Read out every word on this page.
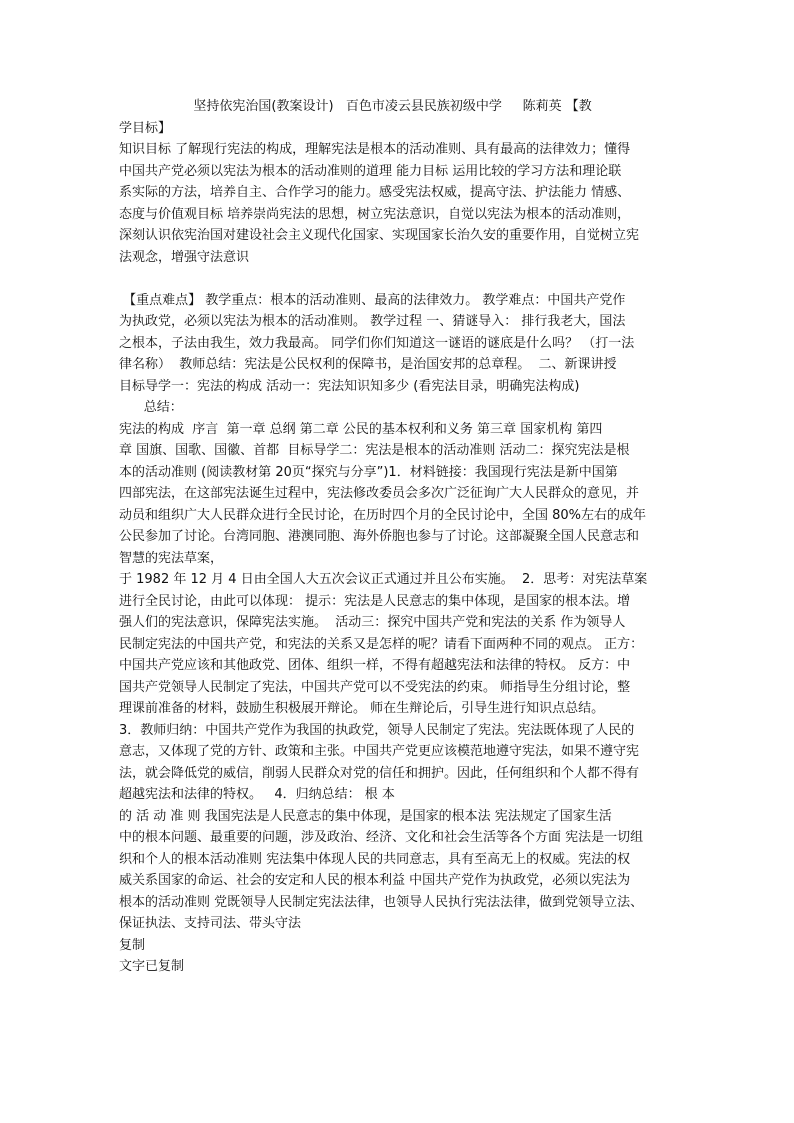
坚持依宪治国(教案设计)   百色市凌云县民族初级中学     陈莉英 【教
学目标】
知识目标 了解现行宪法的构成，理解宪法是根本的活动准则、具有最高的法律效力；懂得
中国共产党必须以宪法为根本的活动准则的道理 能力目标 运用比较的学习方法和理论联
系实际的方法，培养自主、合作学习的能力。感受宪法权威，提高守法、护法能力 情感、
态度与价值观目标 培养崇尚宪法的思想，树立宪法意识，自觉以宪法为根本的活动准则，
深刻认识依宪治国对建设社会主义现代化国家、实现国家长治久安的重要作用，自觉树立宪
法观念，增强守法意识
【重点难点】 教学重点：根本的活动准则、最高的法律效力。 教学难点：中国共产党作
为执政党，必须以宪法为根本的活动准则。 教学过程 一、猜谜导入： 排行我老大，国法
之根本，子法由我生，效力我最高。 同学们你们知道这一谜语的谜底是什么吗？ （打一法
律名称）  教师总结：宪法是公民权利的保障书，是治国安邦的总章程。  二、新课讲授
目标导学一：宪法的构成 活动一：宪法知识知多少 (看宪法目录，明确宪法构成)
总结：
宪法的构成  序言  第一章 总纲 第二章 公民的基本权利和义务 第三章 国家机构 第四
章 国旗、国歌、国徽、首都  目标导学二：宪法是根本的活动准则 活动二：探究宪法是根
本的活动准则 (阅读教材第 20页“探究与分享”)1．材料链接：我国现行宪法是新中国第
四部宪法，在这部宪法诞生过程中，宪法修改委员会多次广泛征询广大人民群众的意见，并
动员和组织广大人民群众进行全民讨论，在历时四个月的全民讨论中，全国 80%左右的成年
公民参加了讨论。台湾同胞、港澳同胞、海外侨胞也参与了讨论。这部凝聚全国人民意志和
智慧的宪法草案，
于 1982 年 12 月 4 日由全国人大五次会议正式通过并且公布实施。  2．思考：对宪法草案
进行全民讨论，由此可以体现： 提示：宪法是人民意志的集中体现，是国家的根本法。增
强人们的宪法意识，保障宪法实施。  活动三：探究中国共产党和宪法的关系 作为领导人
民制定宪法的中国共产党，和宪法的关系又是怎样的呢？请看下面两种不同的观点。 正方：
中国共产党应该和其他政党、团体、组织一样，不得有超越宪法和法律的特权。 反方：中
国共产党领导人民制定了宪法，中国共产党可以不受宪法的约束。 师指导生分组讨论，整
理课前准备的材料，鼓励生积极展开辩论。 师在生辩论后，引导生进行知识点总结。
3．教师归纳：中国共产党作为我国的执政党，领导人民制定了宪法。宪法既体现了人民的
意志，又体现了党的方针、政策和主张。中国共产党更应该模范地遵守宪法，如果不遵守宪
法，就会降低党的威信，削弱人民群众对党的信任和拥护。因此，任何组织和个人都不得有
超越宪法和法律的特权。   4．归纳总结： 根 本
的 活 动 准 则 我国宪法是人民意志的集中体现，是国家的根本法 宪法规定了国家生活
中的根本问题、最重要的问题，涉及政治、经济、文化和社会生活等各个方面 宪法是一切组
织和个人的根本活动准则 宪法集中体现人民的共同意志，具有至高无上的权威。宪法的权
威关系国家的命运、社会的安定和人民的根本利益 中国共产党作为执政党，必须以宪法为
根本的活动准则 党既领导人民制定宪法法律，也领导人民执行宪法法律，做到党领导立法、
保证执法、支持司法、带头守法
复制
文字已复制
